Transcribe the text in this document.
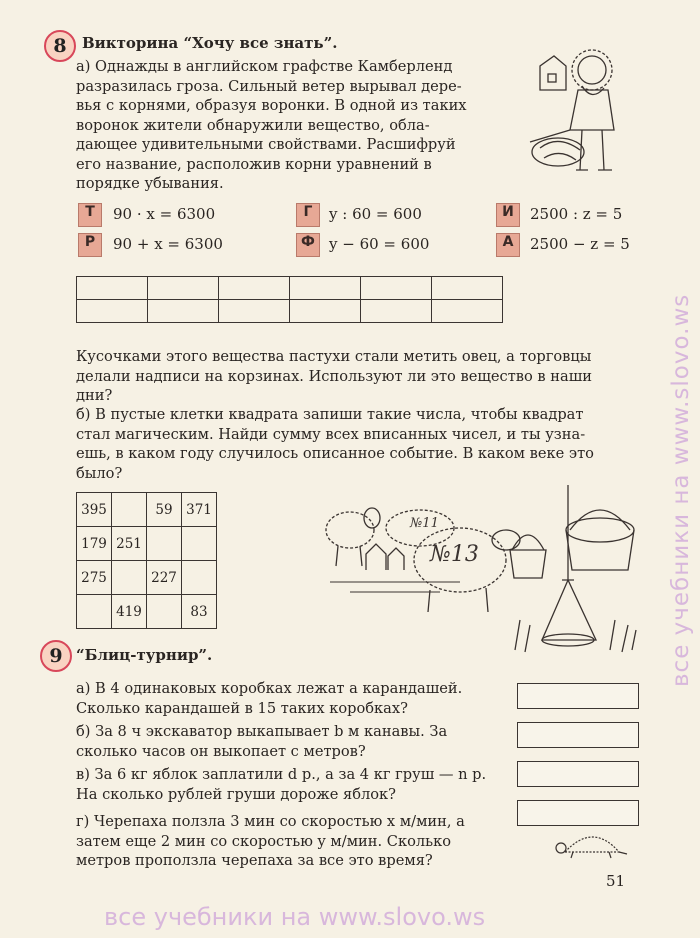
8	Викторина “Хочу все знать”.
а) Однажды в английском графстве Камберленд
разразилась гроза. Сильный ветер вырывал дере-
вья с корнями, образуя воронки. В одной из таких
воронок жители обнаружили вещество, обла-
дающее удивительными свойствами. Расшифруй
его название, расположив корни уравнений в
порядке убывания.
Т	90 · x = 6300	Г	y : 60 = 600	И	2500 : z = 5
Р	90 + x = 6300	Ф y − 60 = 600	А	2500 − z = 5

Кусочками этого вещества пастухи стали метить овец, а торговцы
делали надписи на корзинах. Используют ли это вещество в наши
дни?
б) В пустые клетки квадрата запиши такие числа, чтобы квадрат
стал магическим. Найди сумму всех вписанных чисел, и ты узна-
ешь, в каком году случилось описанное событие. В каком веке это
было?
395		59	371
179	251		
275		227	
	419		83
№13
№11
9 “Блиц-турнир”.
а) В 4 одинаковых коробках лежат a карандашей.
Сколько карандашей в 15 таких коробках?
б) За 8 ч экскаватор выкапывает b м канавы. За
сколько часов он выкопает c метров?
в) За 6 кг яблок заплатили d р., а за 4 кг груш — n р.
На сколько рублей груши дороже яблок?
г) Черепаха ползла 3 мин со скоростью x м/мин, а
затем еще 2 мин со скоростью y м/мин. Сколько
метров проползла черепаха за все это время?
51
все учебники на www.slovo.ws
все учебники на www.slovo.ws
